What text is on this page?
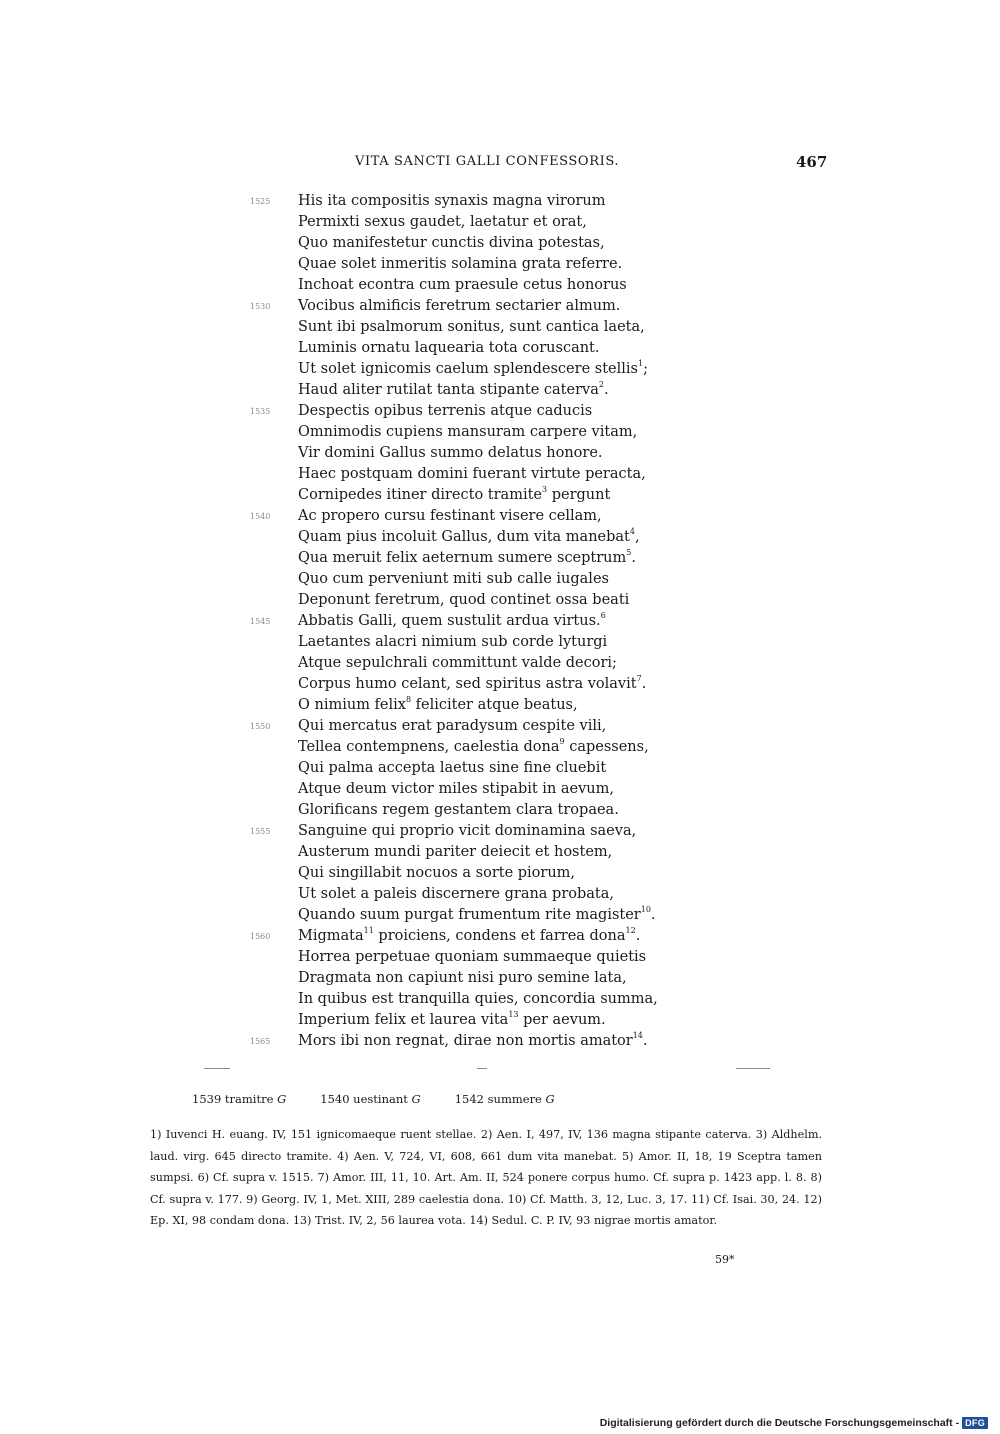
VITA SANCTI GALLI CONFESSORIS.	467
1525	His ita compositis synaxis magna virorum
Permixti sexus gaudet, laetatur et orat,
Quo manifestetur cunctis divina potestas,
Quae solet inmeritis solamina grata referre.
Inchoat econtra cum praesule cetus honorus
1530	Vocibus almificis feretrum sectarier almum.
Sunt ibi psalmorum sonitus, sunt cantica laeta,
Luminis ornatu laquearia tota coruscant.
Ut solet ignicomis caelum splendescere stellis$^1$;
Haud aliter rutilat tanta stipante caterva$^2$.
1535	Despectis opibus terrenis atque caducis
Omnimodis cupiens mansuram carpere vitam,
Vir domini Gallus summo delatus honore.
Haec postquam domini fuerant virtute peracta,
Cornipedes itiner directo tramite$^3$ pergunt
1540	Ac propero cursu festinant visere cellam,
Quam pius incoluit Gallus, dum vita manebat$^4$,
Qua meruit felix aeternum sumere sceptrum$^5$.
Quo cum perveniunt miti sub calle iugales
Deponunt feretrum, quod continet ossa beati
1545	Abbatis Galli, quem sustulit ardua virtus.$^6$
Laetantes alacri nimium sub corde lyturgi
Atque sepulchrali committunt valde decori;
Corpus humo celant, sed spiritus astra volavit$^7$.
O nimium felix$^8$ feliciter atque beatus,
1550	Qui mercatus erat paradysum cespite vili,
Tellea contempnens, caelestia dona$^9$ capessens,
Qui palma accepta laetus sine fine cluebit
Atque deum victor miles stipabit in aevum,
Glorificans regem gestantem clara tropaea.
1555	Sanguine qui proprio vicit dominamina saeva,
Austerum mundi pariter deiecit et hostem,
Qui singillabit nocuos a sorte piorum,
Ut solet a paleis discernere grana probata,
Quando suum purgat frumentum rite magister$^{10}$.
1560	Migmata$^{11}$ proiciens, condens et farrea dona$^{12}$.
Horrea perpetuae quoniam summaeque quietis
Dragmata non capiunt nisi puro semine lata,
In quibus est tranquilla quies, concordia summa,
Imperium felix et laurea vita$^{13}$ per aevum.
1565	Mors ibi non regnat, dirae non mortis amator$^{14}$.
1539 tramitre G	1540 uestinant G	1542 summere G
1) Iuvenci H. euang. IV, 151 ignicomaeque ruent stellae. 2) Aen. I, 497, IV, 136 magna stipante caterva. 3) Aldhelm. laud. virg. 645 directo tramite. 4) Aen. V, 724, VI, 608, 661 dum vita manebat. 5) Amor. II, 18, 19 Sceptra tamen sumpsi. 6) Cf. supra v. 1515. 7) Amor. III, 11, 10. Art. Am. II, 524 ponere corpus humo. Cf. supra p. 1423 app. l. 8. 8) Cf. supra v. 177. 9) Georg. IV, 1, Met. XIII, 289 caelestia dona. 10) Cf. Matth. 3, 12, Luc. 3, 17. 11) Cf. Isai. 30, 24. 12) Ep. XI, 98 condam dona. 13) Trist. IV, 2, 56 laurea vota. 14) Sedul. C. P. IV, 93 nigrae mortis amator.
59*
Digitalisierung gefördert durch die Deutsche Forschungsgemeinschaft - DFG
